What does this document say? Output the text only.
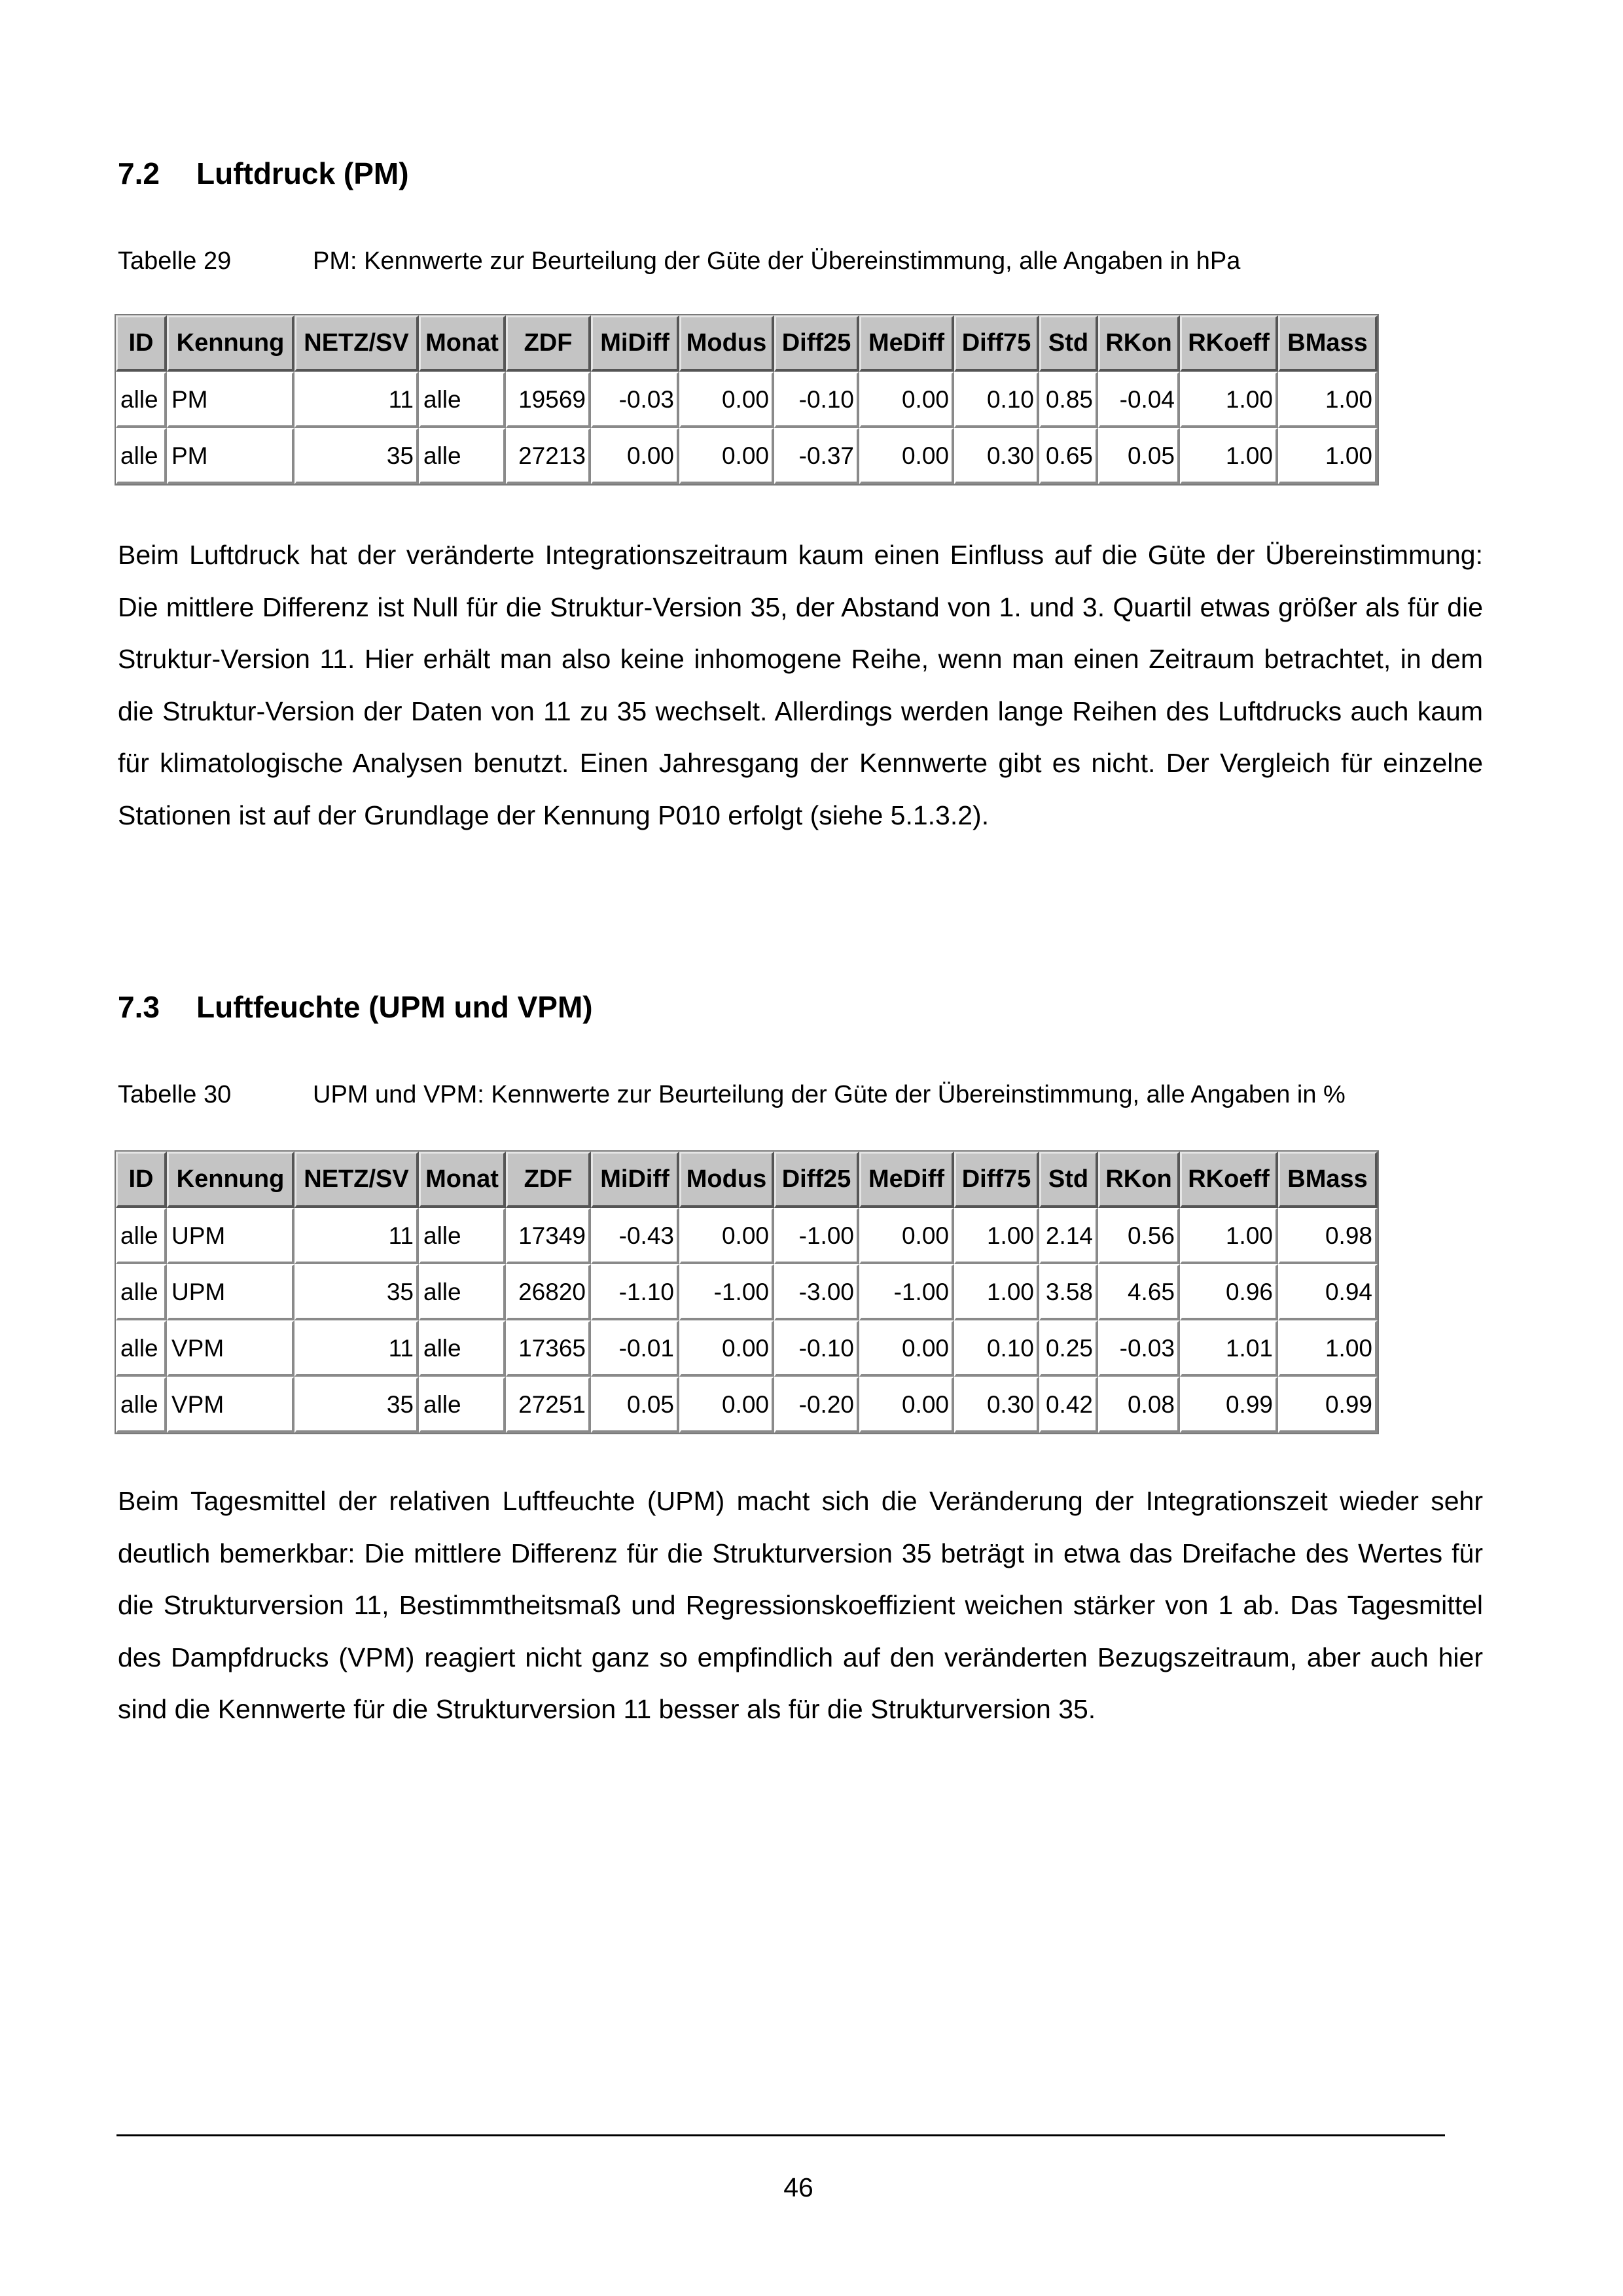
7.2 Luftdruck (PM)
Tabelle 29	PM: Kennwerte zur Beurteilung der Güte der Übereinstimmung, alle Angaben in hPa
ID	Kennung	NETZ/SV	Monat	ZDF	MiDiff	Modus	Diff25	MeDiff	Diff75	Std	RKon	RKoeff	BMass
alle	PM	11	alle	19569	-0.03	0.00	-0.10	0.00	0.10	0.85	-0.04	1.00	1.00
alle	PM	35	alle	27213	0.00	0.00	-0.37	0.00	0.30	0.65	0.05	1.00	1.00

Beim Luftdruck hat der veränderte Integrationszeitraum kaum einen Einfluss auf die Güte der Übereinstimmung: Die mittlere Differenz ist Null für die Struktur-Version 35, der Abstand von 1. und 3. Quartil etwas größer als für die Struktur-Version 11. Hier erhält man also keine inhomogene Reihe, wenn man einen Zeitraum betrachtet, in dem die Struktur-Version der Daten von 11 zu 35 wechselt. Allerdings werden lange Reihen des Luftdrucks auch kaum für klimatologische Analysen benutzt. Einen Jahresgang der Kennwerte gibt es nicht. Der Vergleich für einzelne Stationen ist auf der Grundlage der Kennung P010 erfolgt (siehe 5.1.3.2).

7.3 Luftfeuchte (UPM und VPM)
Tabelle 30	UPM und VPM: Kennwerte zur Beurteilung der Güte der Übereinstimmung, alle Angaben in %
ID	Kennung	NETZ/SV	Monat	ZDF	MiDiff	Modus	Diff25	MeDiff	Diff75	Std	RKon	RKoeff	BMass
alle	UPM	11	alle	17349	-0.43	0.00	-1.00	0.00	1.00	2.14	0.56	1.00	0.98
alle	UPM	35	alle	26820	-1.10	-1.00	-3.00	-1.00	1.00	3.58	4.65	0.96	0.94
alle	VPM	11	alle	17365	-0.01	0.00	-0.10	0.00	0.10	0.25	-0.03	1.01	1.00
alle	VPM	35	alle	27251	0.05	0.00	-0.20	0.00	0.30	0.42	0.08	0.99	0.99

Beim Tagesmittel der relativen Luftfeuchte (UPM) macht sich die Veränderung der Integrationszeit wieder sehr deutlich bemerkbar: Die mittlere Differenz für die Strukturversion 35 beträgt in etwa das Dreifache des Wertes für die Strukturversion 11, Bestimmtheitsmaß und Regressionskoeffizient weichen stärker von 1 ab. Das Tagesmittel des Dampfdrucks (VPM) reagiert nicht ganz so empfindlich auf den veränderten Bezugszeitraum, aber auch hier sind die Kennwerte für die Strukturversion 11 besser als für die Strukturversion 35.

46
